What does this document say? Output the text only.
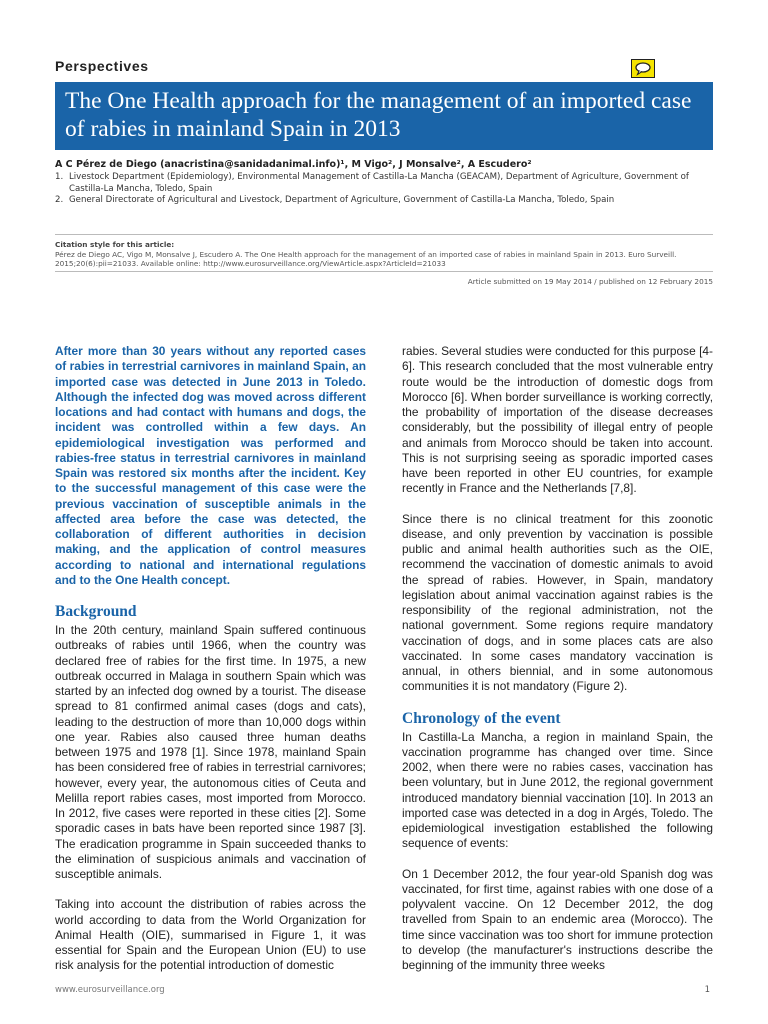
Perspectives
The One Health approach for the management of an imported case of rabies in mainland Spain in 2013
A C Pérez de Diego (anacristina@sanidadanimal.info)¹, M Vigo², J Monsalve², A Escudero²
1. Livestock Department (Epidemiology), Environmental Management of Castilla-La Mancha (GEACAM), Department of Agriculture, Government of Castilla-La Mancha, Toledo, Spain
2. General Directorate of Agricultural and Livestock, Department of Agriculture, Government of Castilla-La Mancha, Toledo, Spain
Citation style for this article:
Pérez de Diego AC, Vigo M, Monsalve J, Escudero A. The One Health approach for the management of an imported case of rabies in mainland Spain in 2013. Euro Surveill. 2015;20(6):pii=21033. Available online: http://www.eurosurveillance.org/ViewArticle.aspx?ArticleId=21033
Article submitted on 19 May 2014 / published on 12 February 2015

After more than 30 years without any reported cases of rabies in terrestrial carnivores in mainland Spain, an imported case was detected in June 2013 in Toledo. Although the infected dog was moved across different locations and had contact with humans and dogs, the incident was controlled within a few days. An epidemiological investigation was performed and rabies-free status in terrestrial carnivores in mainland Spain was restored six months after the incident. Key to the successful management of this case were the previous vaccination of susceptible animals in the affected area before the case was detected, the collaboration of different authorities in decision making, and the application of control measures according to national and international regulations and to the One Health concept.

Background

In the 20th century, mainland Spain suffered continuous outbreaks of rabies until 1966, when the country was declared free of rabies for the first time. In 1975, a new outbreak occurred in Malaga in southern Spain which was started by an infected dog owned by a tourist. The disease spread to 81 confirmed animal cases (dogs and cats), leading to the destruction of more than 10,000 dogs within one year. Rabies also caused three human deaths between 1975 and 1978 [1]. Since 1978, mainland Spain has been considered free of rabies in terrestrial carnivores; however, every year, the autonomous cities of Ceuta and Melilla report rabies cases, most imported from Morocco. In 2012, five cases were reported in these cities [2]. Some sporadic cases in bats have been reported since 1987 [3]. The eradication programme in Spain succeeded thanks to the elimination of suspicious animals and vaccination of susceptible animals.

Taking into account the distribution of rabies across the world according to data from the World Organization for Animal Health (OIE), summarised in Figure 1, it was essential for Spain and the European Union (EU) to use risk analysis for the potential introduction of domestic

rabies. Several studies were conducted for this purpose [4-6]. This research concluded that the most vulnerable entry route would be the introduction of domestic dogs from Morocco [6]. When border surveillance is working correctly, the probability of importation of the disease decreases considerably, but the possibility of illegal entry of people and animals from Morocco should be taken into account. This is not surprising seeing as sporadic imported cases have been reported in other EU countries, for example recently in France and the Netherlands [7,8].

Since there is no clinical treatment for this zoonotic disease, and only prevention by vaccination is possible public and animal health authorities such as the OIE, recommend the vaccination of domestic animals to avoid the spread of rabies. However, in Spain, mandatory legislation about animal vaccination against rabies is the responsibility of the regional administration, not the national government. Some regions require mandatory vaccination of dogs, and in some places cats are also vaccinated. In some cases mandatory vaccination is annual, in others biennial, and in some autonomous communities it is not mandatory (Figure 2).

Chronology of the event

In Castilla-La Mancha, a region in mainland Spain, the vaccination programme has changed over time. Since 2002, when there were no rabies cases, vaccination has been voluntary, but in June 2012, the regional government introduced mandatory biennial vaccination [10]. In 2013 an imported case was detected in a dog in Argés, Toledo. The epidemiological investigation established the following sequence of events:

On 1 December 2012, the four year-old Spanish dog was vaccinated, for first time, against rabies with one dose of a polyvalent vaccine. On 12 December 2012, the dog travelled from Spain to an endemic area (Morocco). The time since vaccination was too short for immune protection to develop (the manufacturer's instructions describe the beginning of the immunity three weeks

www.eurosurveillance.org	1
